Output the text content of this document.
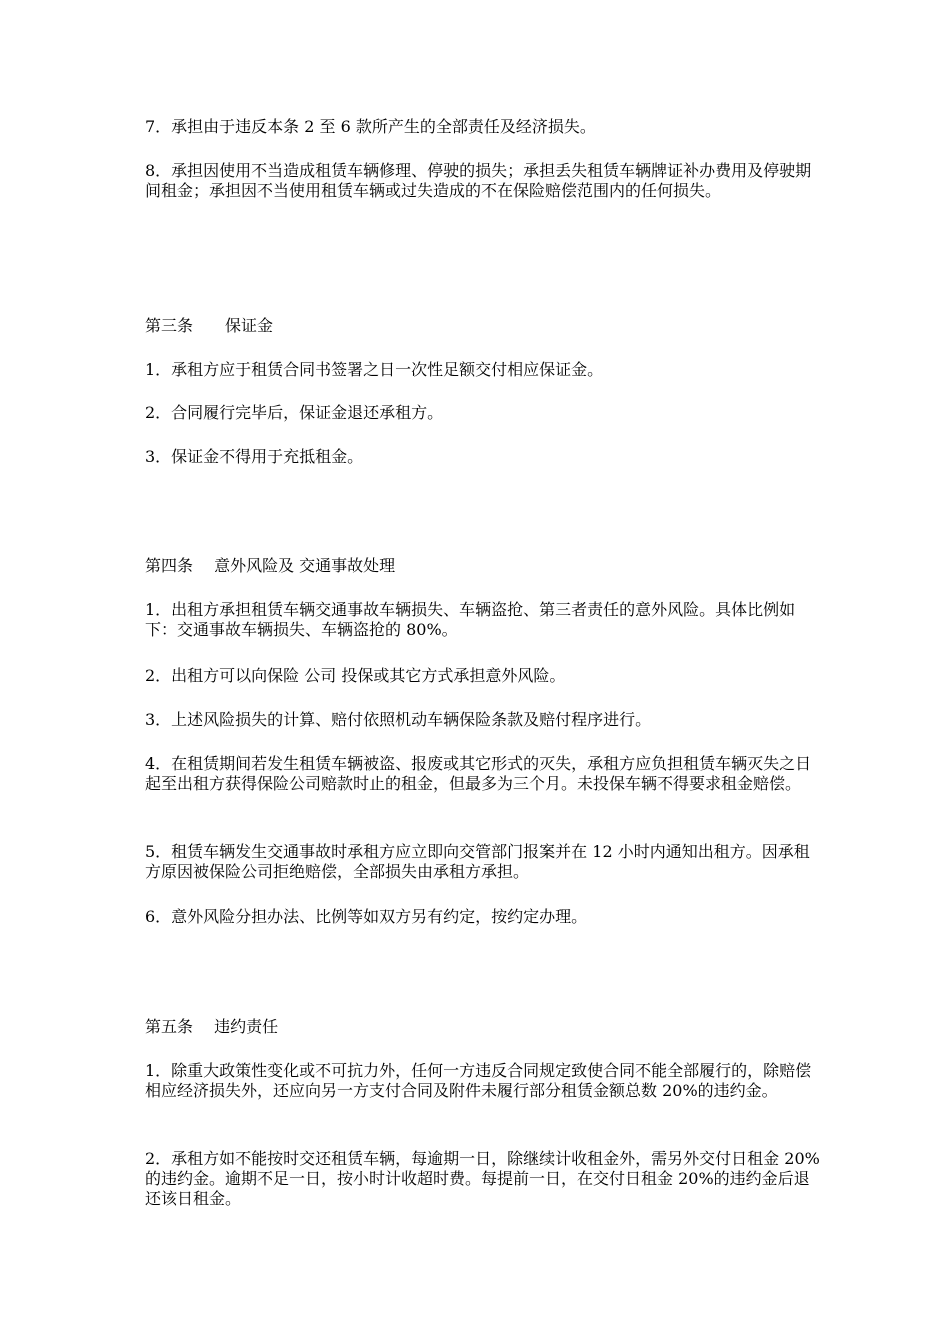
7．承担由于违反本条 2 至 6 款所产生的全部责任及经济损失。

8．承担因使用不当造成租赁车辆修理、停驶的损失；承担丢失租赁车辆牌证补办费用及停驶期间租金；承担因不当使用租赁车辆或过失造成的不在保险赔偿范围内的任何损失。

第三条　　保证金

1．承租方应于租赁合同书签署之日一次性足额交付相应保证金。

2．合同履行完毕后，保证金退还承租方。

3．保证金不得用于充抵租金。

第四条　 意外风险及 交通事故处理

1．出租方承担租赁车辆交通事故车辆损失、车辆盗抢、第三者责任的意外风险。具体比例如下：交通事故车辆损失、车辆盗抢的 80%。

2．出租方可以向保险 公司 投保或其它方式承担意外风险。

3．上述风险损失的计算、赔付依照机动车辆保险条款及赔付程序进行。

4．在租赁期间若发生租赁车辆被盗、报废或其它形式的灭失，承租方应负担租赁车辆灭失之日起至出租方获得保险公司赔款时止的租金，但最多为三个月。未投保车辆不得要求租金赔偿。

5．租赁车辆发生交通事故时承租方应立即向交管部门报案并在 12 小时内通知出租方。因承租方原因被保险公司拒绝赔偿，全部损失由承租方承担。

6．意外风险分担办法、比例等如双方另有约定，按约定办理。

第五条　 违约责任

1．除重大政策性变化或不可抗力外，任何一方违反合同规定致使合同不能全部履行的，除赔偿相应经济损失外，还应向另一方支付合同及附件未履行部分租赁金额总数 20%的违约金。

2．承租方如不能按时交还租赁车辆，每逾期一日，除继续计收租金外，需另外交付日租金 20%的违约金。逾期不足一日，按小时计收超时费。每提前一日，在交付日租金 20%的违约金后退还该日租金。
